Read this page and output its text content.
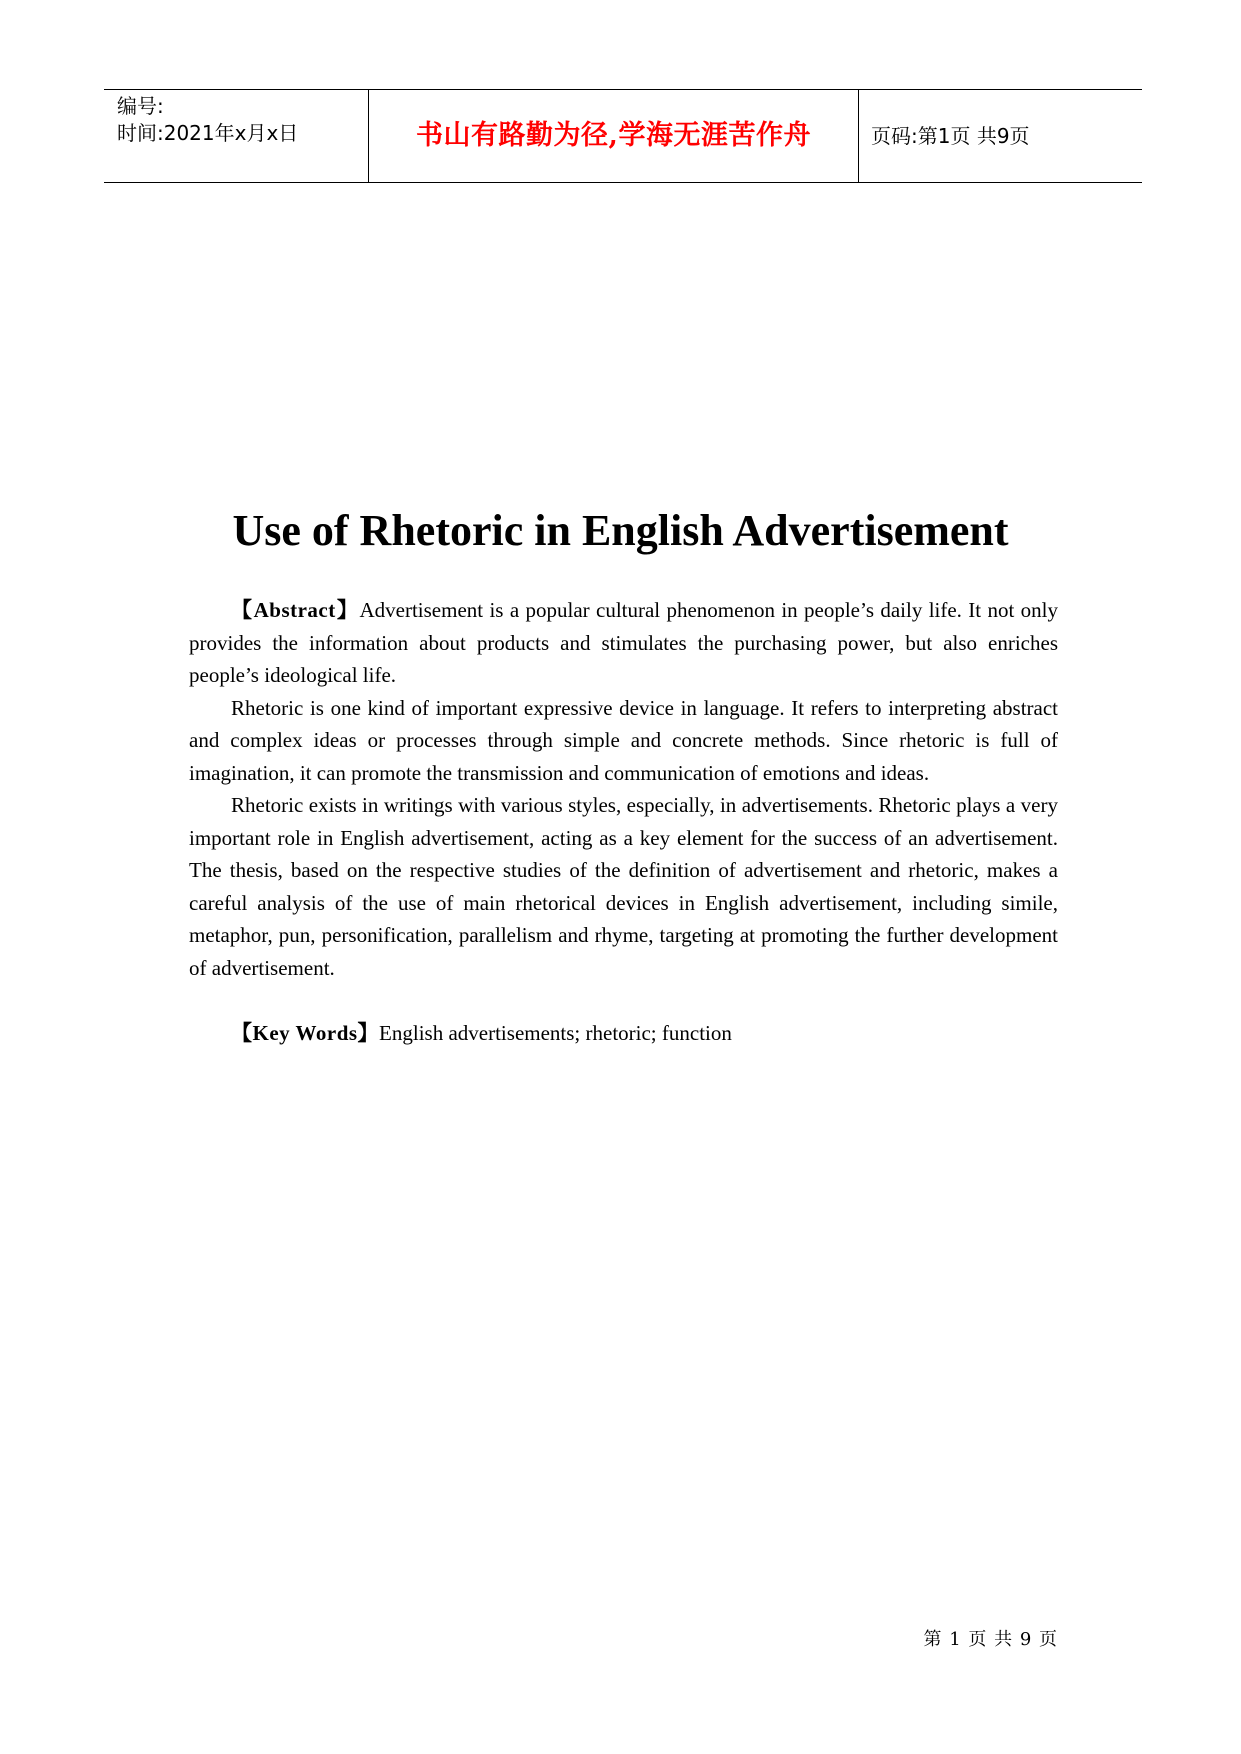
编号:
时间:2021年x月x日	书山有路勤为径,学海无涯苦作舟	页码:第1页 共9页
Use of Rhetoric in English Advertisement

【Abstract】Advertisement is a popular cultural phenomenon in people’s daily life. It not only provides the information about products and stimulates the purchasing power, but also enriches people’s ideological life.

Rhetoric is one kind of important expressive device in language. It refers to interpreting abstract and complex ideas or processes through simple and concrete methods. Since rhetoric is full of imagination, it can promote the transmission and communication of emotions and ideas.

Rhetoric exists in writings with various styles, especially, in advertisements. Rhetoric plays a very important role in English advertisement, acting as a key element for the success of an advertisement. The thesis, based on the respective studies of the definition of advertisement and rhetoric, makes a careful analysis of the use of main rhetorical devices in English advertisement, including simile, metaphor, pun, personification, parallelism and rhyme, targeting at promoting the further development of advertisement.

【Key Words】English advertisements; rhetoric; function
第 1 页 共 9 页
